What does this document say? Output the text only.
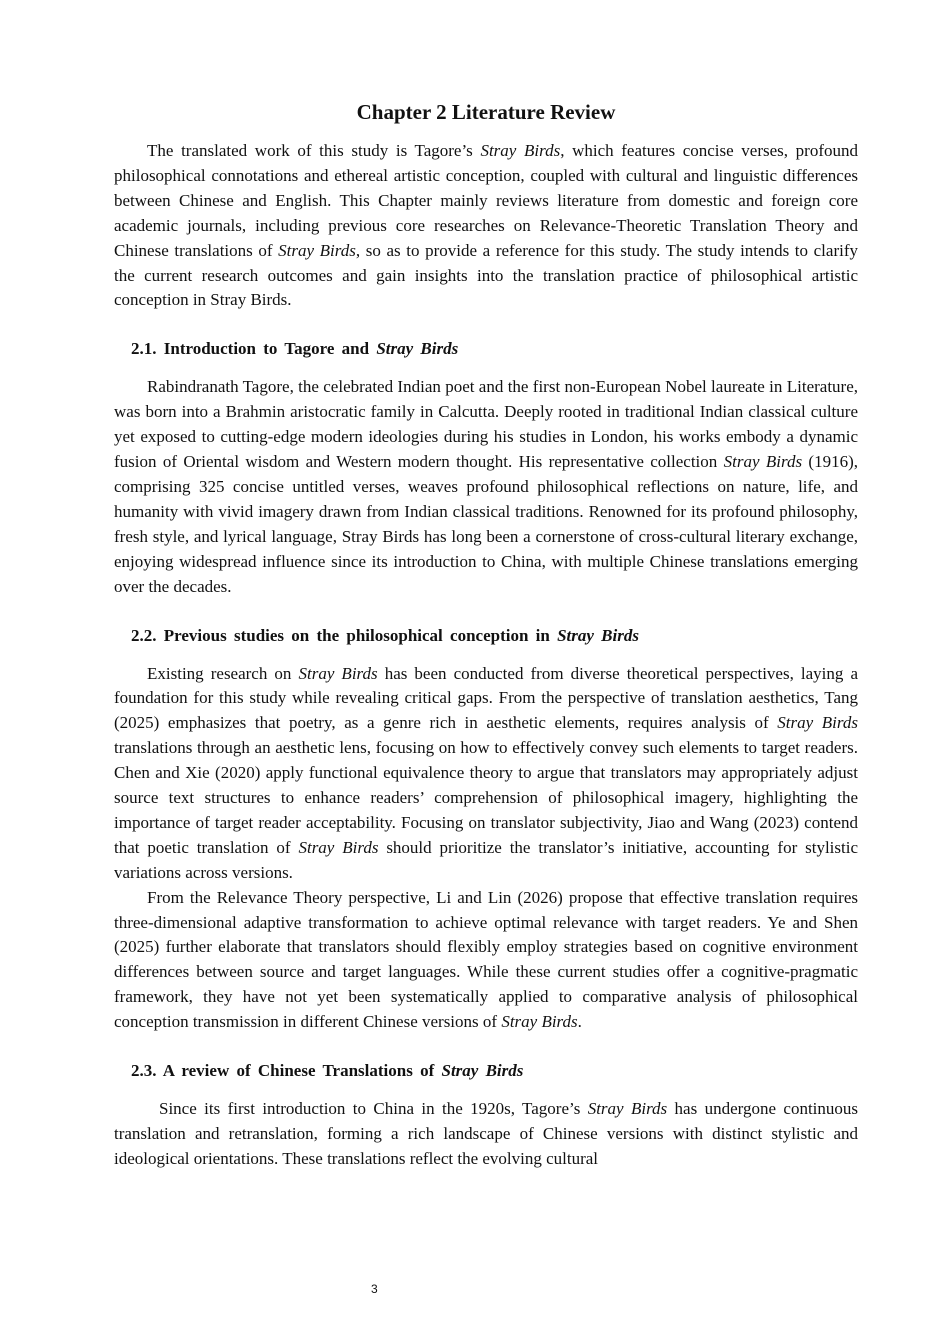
Chapter 2 Literature Review

The translated work of this study is Tagore’s Stray Birds, which features concise verses, profound philosophical connotations and ethereal artistic conception, coupled with cultural and linguistic differences between Chinese and English. This Chapter mainly reviews literature from domestic and foreign core academic journals, including previous core researches on Relevance-Theoretic Translation Theory and Chinese translations of Stray Birds, so as to provide a reference for this study. The study intends to clarify the current research outcomes and gain insights into the translation practice of philosophical artistic conception in Stray Birds.

2.1. Introduction to Tagore and Stray Birds

Rabindranath Tagore, the celebrated Indian poet and the first non-European Nobel laureate in Literature, was born into a Brahmin aristocratic family in Calcutta. Deeply rooted in traditional Indian classical culture yet exposed to cutting-edge modern ideologies during his studies in London, his works embody a dynamic fusion of Oriental wisdom and Western modern thought. His representative collection Stray Birds (1916), comprising 325 concise untitled verses, weaves profound philosophical reflections on nature, life, and humanity with vivid imagery drawn from Indian classical traditions. Renowned for its profound philosophy, fresh style, and lyrical language, Stray Birds has long been a cornerstone of cross-cultural literary exchange, enjoying widespread influence since its introduction to China, with multiple Chinese translations emerging over the decades.

2.2. Previous studies on the philosophical conception in Stray Birds

Existing research on Stray Birds has been conducted from diverse theoretical perspectives, laying a foundation for this study while revealing critical gaps. From the perspective of translation aesthetics, Tang (2025) emphasizes that poetry, as a genre rich in aesthetic elements, requires analysis of Stray Birds translations through an aesthetic lens, focusing on how to effectively convey such elements to target readers. Chen and Xie (2020) apply functional equivalence theory to argue that translators may appropriately adjust source text structures to enhance readers’ comprehension of philosophical imagery, highlighting the importance of target reader acceptability. Focusing on translator subjectivity, Jiao and Wang (2023) contend that poetic translation of Stray Birds should prioritize the translator’s initiative, accounting for stylistic variations across versions.

From the Relevance Theory perspective, Li and Lin (2026) propose that effective translation requires three-dimensional adaptive transformation to achieve optimal relevance with target readers. Ye and Shen (2025) further elaborate that translators should flexibly employ strategies based on cognitive environment differences between source and target languages. While these current studies offer a cognitive-pragmatic framework, they have not yet been systematically applied to comparative analysis of philosophical conception transmission in different Chinese versions of Stray Birds.

2.3. A review of Chinese Translations of Stray Birds

Since its first introduction to China in the 1920s, Tagore’s Stray Birds has undergone continuous translation and retranslation, forming a rich landscape of Chinese versions with distinct stylistic and ideological orientations. These translations reflect the evolving cultural

3
